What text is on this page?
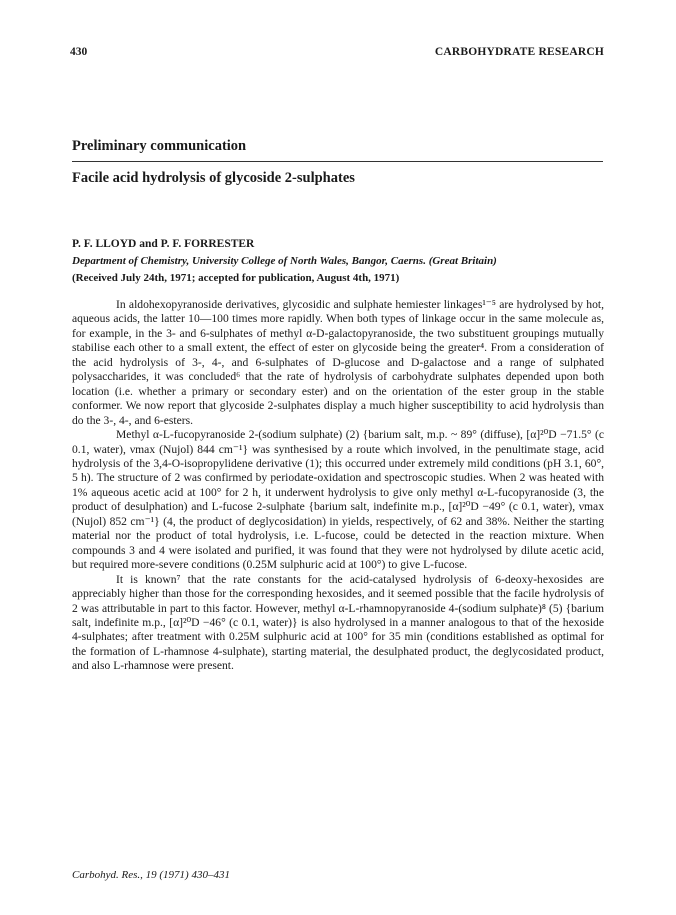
430	CARBOHYDRATE RESEARCH
Preliminary communication
Facile acid hydrolysis of glycoside 2-sulphates
P. F. LLOYD and P. F. FORRESTER
Department of Chemistry, University College of North Wales, Bangor, Caerns. (Great Britain)
(Received July 24th, 1971; accepted for publication, August 4th, 1971)

In aldohexopyranoside derivatives, glycosidic and sulphate hemiester linkages¹⁻⁵ are hydrolysed by hot, aqueous acids, the latter 10—100 times more rapidly. When both types of linkage occur in the same molecule as, for example, in the 3- and 6-sulphates of methyl α-D-galactopyranoside, the two substituent groupings mutually stabilise each other to a small extent, the effect of ester on glycoside being the greater⁴. From a consideration of the acid hydrolysis of 3-, 4-, and 6-sulphates of D-glucose and D-galactose and a range of sulphated polysaccharides, it was concluded⁶ that the rate of hydrolysis of carbohydrate sulphates depended upon both location (i.e. whether a primary or secondary ester) and on the orientation of the ester group in the stable conformer. We now report that glycoside 2-sulphates display a much higher susceptibility to acid hydrolysis than do the 3-, 4-, and 6-esters.

Methyl α-L-fucopyranoside 2-(sodium sulphate) (2) {barium salt, m.p. ~ 89° (diffuse), [α]²⁰D −71.5° (c 0.1, water), νmax (Nujol) 844 cm⁻¹} was synthesised by a route which involved, in the penultimate stage, acid hydrolysis of the 3,4-O-isopropylidene derivative (1); this occurred under extremely mild conditions (pH 3.1, 60°, 5 h). The structure of 2 was confirmed by periodate-oxidation and spectroscopic studies. When 2 was heated with 1% aqueous acetic acid at 100° for 2 h, it underwent hydrolysis to give only methyl α-L-fucopyranoside (3, the product of desulphation) and L-fucose 2-sulphate {barium salt, indefinite m.p., [α]²⁰D −49° (c 0.1, water), νmax (Nujol) 852 cm⁻¹} (4, the product of deglycosidation) in yields, respectively, of 62 and 38%. Neither the starting material nor the product of total hydrolysis, i.e. L-fucose, could be detected in the reaction mixture. When compounds 3 and 4 were isolated and purified, it was found that they were not hydrolysed by dilute acetic acid, but required more-severe conditions (0.25M sulphuric acid at 100°) to give L-fucose.

It is known⁷ that the rate constants for the acid-catalysed hydrolysis of 6-deoxy-hexosides are appreciably higher than those for the corresponding hexosides, and it seemed possible that the facile hydrolysis of 2 was attributable in part to this factor. However, methyl α-L-rhamnopyranoside 4-(sodium sulphate)⁸ (5) {barium salt, indefinite m.p., [α]²⁰D −46° (c 0.1, water)} is also hydrolysed in a manner analogous to that of the hexoside 4-sulphates; after treatment with 0.25M sulphuric acid at 100° for 35 min (conditions established as optimal for the formation of L-rhamnose 4-sulphate), starting material, the desulphated product, the deglycosidated product, and also L-rhamnose were present.

Carbohyd. Res., 19 (1971) 430–431
